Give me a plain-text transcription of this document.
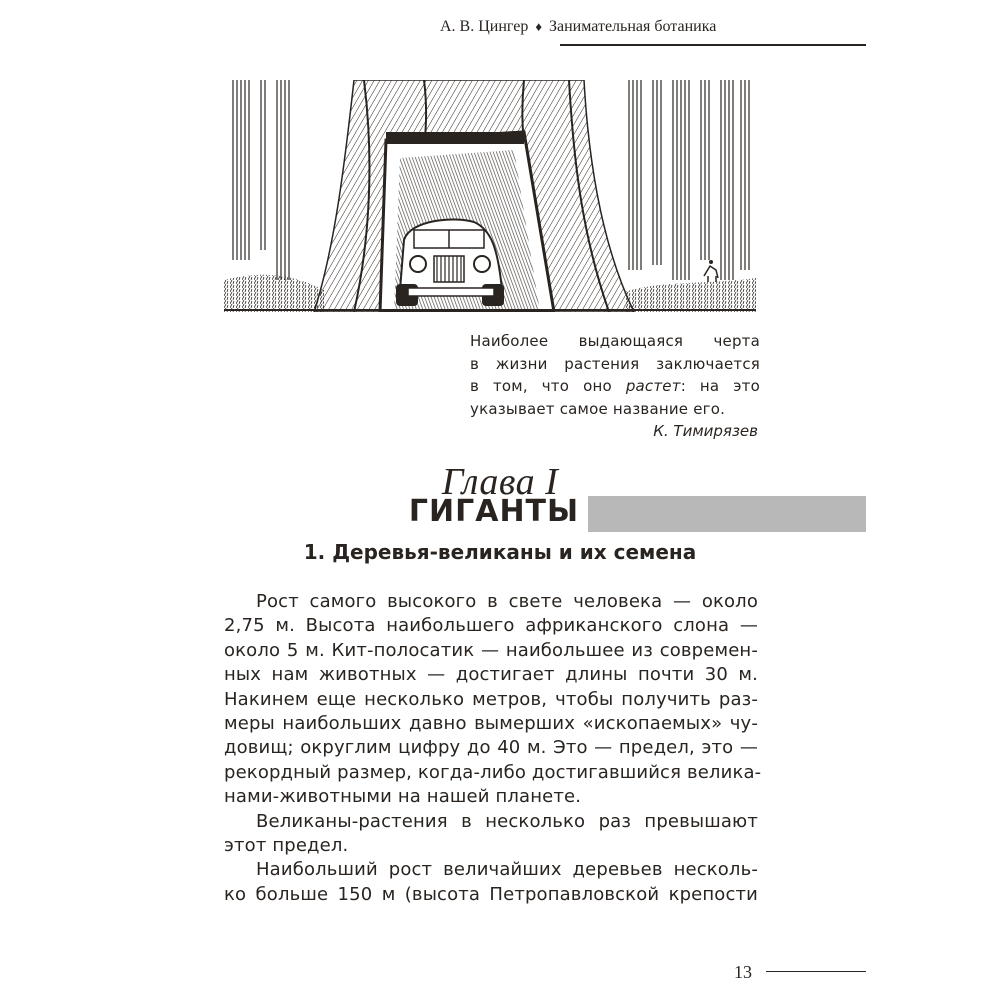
А. В. Цингер ♦ Занимательная ботаника
Наиболее выдающаяся черта
в жизни растения заключается
в том, что оно растет: на это
указывает самое название его.
К. Тимирязев
Глава I
ГИГАНТЫ
1. Деревья-великаны и их семена
Рост самого высокого в свете человека — около
2,75 м. Высота наибольшего африканского слона —
около 5 м. Кит-полосатик — наибольшее из современ-
ных нам животных — достигает длины почти 30 м.
Накинем еще несколько метров, чтобы получить раз-
меры наибольших давно вымерших «ископаемых» чу-
довищ; округлим цифру до 40 м. Это — предел, это —
рекордный размер, когда-либо достигавшийся велика-
нами-животными на нашей планете.
Великаны-растения в несколько раз превышают
этот предел.
Наибольший рост величайших деревьев несколь-
ко больше 150 м (высота Петропавловской крепости
13
